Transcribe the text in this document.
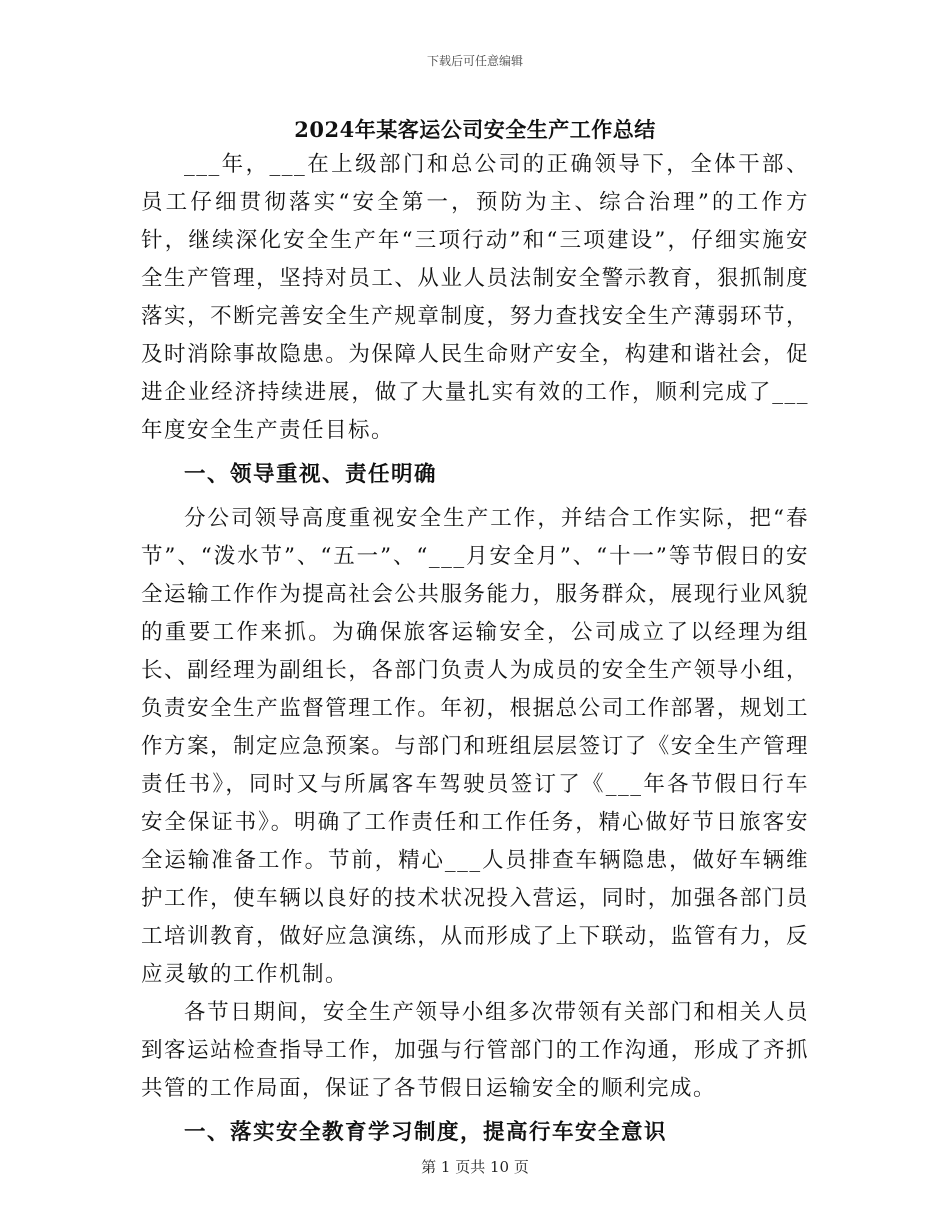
下载后可任意编辑
2024年某客运公司安全生产工作总结

___年，___在上级部门和总公司的正确领导下，全体干部、员工仔细贯彻落实“安全第一，预防为主、综合治理”的工作方针，继续深化安全生产年“三项行动”和“三项建设”，仔细实施安全生产管理，坚持对员工、从业人员法制安全警示教育，狠抓制度落实，不断完善安全生产规章制度，努力查找安全生产薄弱环节，及时消除事故隐患。为保障人民生命财产安全，构建和谐社会，促进企业经济持续进展，做了大量扎实有效的工作，顺利完成了___年度安全生产责任目标。

一、领导重视、责任明确

分公司领导高度重视安全生产工作，并结合工作实际，把“春节”、“泼水节”、“五一”、“___月安全月”、“十一”等节假日的安全运输工作作为提高社会公共服务能力，服务群众，展现行业风貌的重要工作来抓。为确保旅客运输安全，公司成立了以经理为组长、副经理为副组长，各部门负责人为成员的安全生产领导小组，负责安全生产监督管理工作。年初，根据总公司工作部署，规划工作方案，制定应急预案。与部门和班组层层签订了《安全生产管理责任书》，同时又与所属客车驾驶员签订了《___年各节假日行车安全保证书》。明确了工作责任和工作任务，精心做好节日旅客安全运输准备工作。节前，精心___人员排查车辆隐患，做好车辆维护工作，使车辆以良好的技术状况投入营运，同时，加强各部门员工培训教育，做好应急演练，从而形成了上下联动，监管有力，反应灵敏的工作机制。

各节日期间，安全生产领导小组多次带领有关部门和相关人员到客运站检查指导工作，加强与行管部门的工作沟通，形成了齐抓共管的工作局面，保证了各节假日运输安全的顺利完成。

一、落实安全教育学习制度，提高行车安全意识

第 1 页共 10 页
